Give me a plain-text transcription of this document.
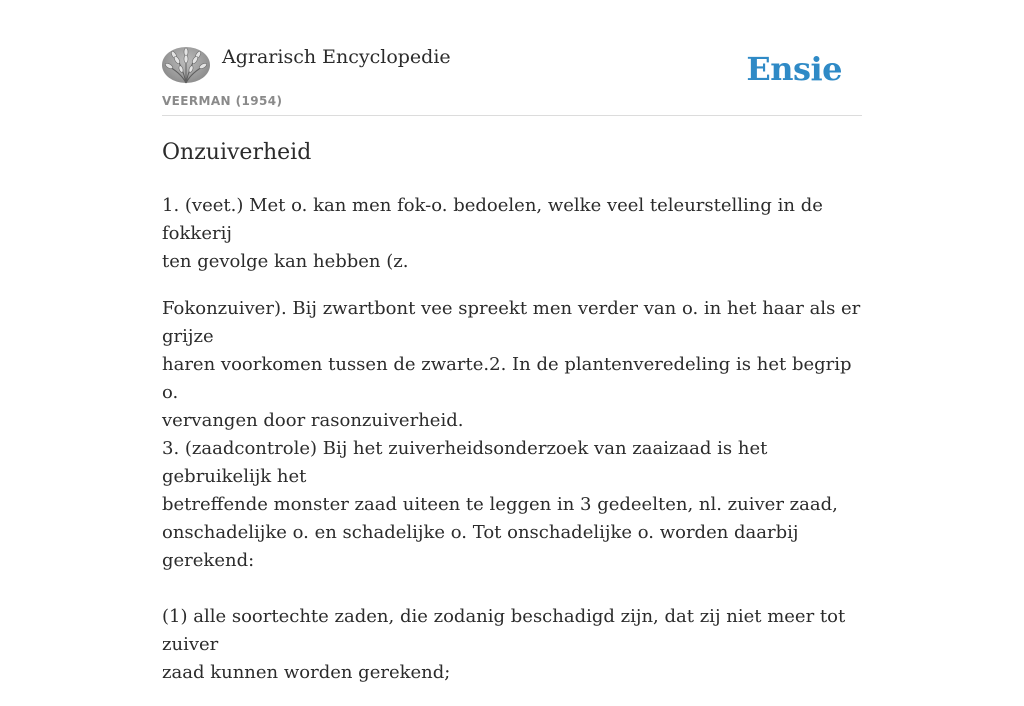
Agrarisch Encyclopedie
VEERMAN (1954)
Ensie
Onzuiverheid

1. (veet.) Met o. kan men fok-o. bedoelen, welke veel teleurstelling in de fokkerij
ten gevolge kan hebben (z.

Fokonzuiver). Bij zwartbont vee spreekt men verder van o. in het haar als er grijze
haren voorkomen tussen de zwarte.2. In de plantenveredeling is het begrip o.
vervangen door rasonzuiverheid.
3. (zaadcontrole) Bij het zuiverheidsonderzoek van zaaizaad is het gebruikelijk het
betreffende monster zaad uiteen te leggen in 3 gedeelten, nl. zuiver zaad,
onschadelijke o. en schadelijke o. Tot onschadelijke o. worden daarbij gerekend:
(1) alle soortechte zaden, die zodanig beschadigd zijn, dat zij niet meer tot zuiver
zaad kunnen worden gerekend;
